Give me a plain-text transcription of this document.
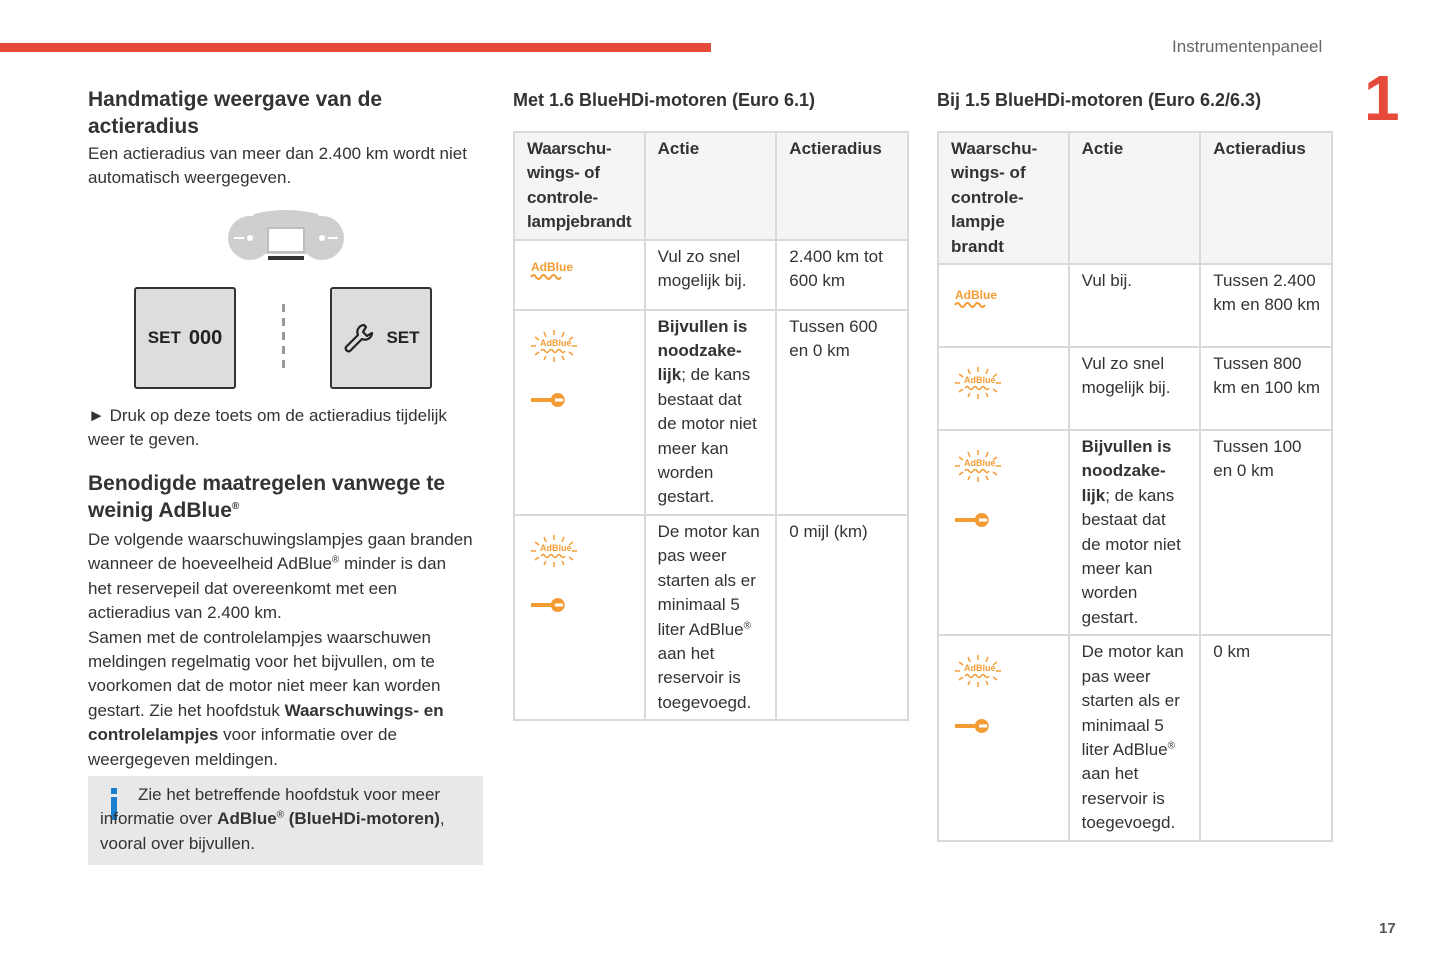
Instrumentenpaneel
1
17
Handmatige weergave van de actieradius

Een actieradius van meer dan 2.400 km wordt niet automatisch weergegeven.

SET 000	SET
► Druk op deze toets om de actieradius tijdelijk weer te geven.
Benodigde maatregelen vanwege te weinig AdBlue®

De volgende waarschuwingslampjes gaan branden wanneer de hoeveelheid AdBlue® minder is dan het reservepeil dat overeenkomt met een actieradius van 2.400 km.
Samen met de controlelampjes waarschuwen meldingen regelmatig voor het bijvullen, om te voorkomen dat de motor niet meer kan worden gestart. Zie het hoofdstuk Waarschuwings- en controlelampjes voor informatie over de weergegeven meldingen.

Zie het betreffende hoofdstuk voor meer informatie over AdBlue® (BlueHDi-motoren), vooral over bijvullen.

Met 1.6 BlueHDi-motoren (Euro 6.1)
Waarschu-wings- of controle-lampjebrandt	Actie	Actieradius

AdBlue	Vul zo snel mogelijk bij.	2.400 km tot 600 km

AdBlue	Bijvullen is noodzake-lijk; de kans bestaat dat de motor niet meer kan worden gestart.	Tussen 600 en 0 km

AdBlue	De motor kan pas weer starten als er minimaal 5 liter AdBlue® aan het reservoir is toegevoegd.	0 mijl (km)
Bij 1.5 BlueHDi-motoren (Euro 6.2/6.3)
Waarschu-wings- of controle-lampje brandt	Actie	Actieradius

AdBlue	Vul bij.	Tussen 2.400 km en 800 km

AdBlue	Vul zo snel mogelijk bij.	Tussen 800 km en 100 km

AdBlue	Bijvullen is noodzake-lijk; de kans bestaat dat de motor niet meer kan worden gestart.	Tussen 100 en 0 km

AdBlue	De motor kan pas weer starten als er minimaal 5 liter AdBlue® aan het reservoir is toegevoegd.	0 km
